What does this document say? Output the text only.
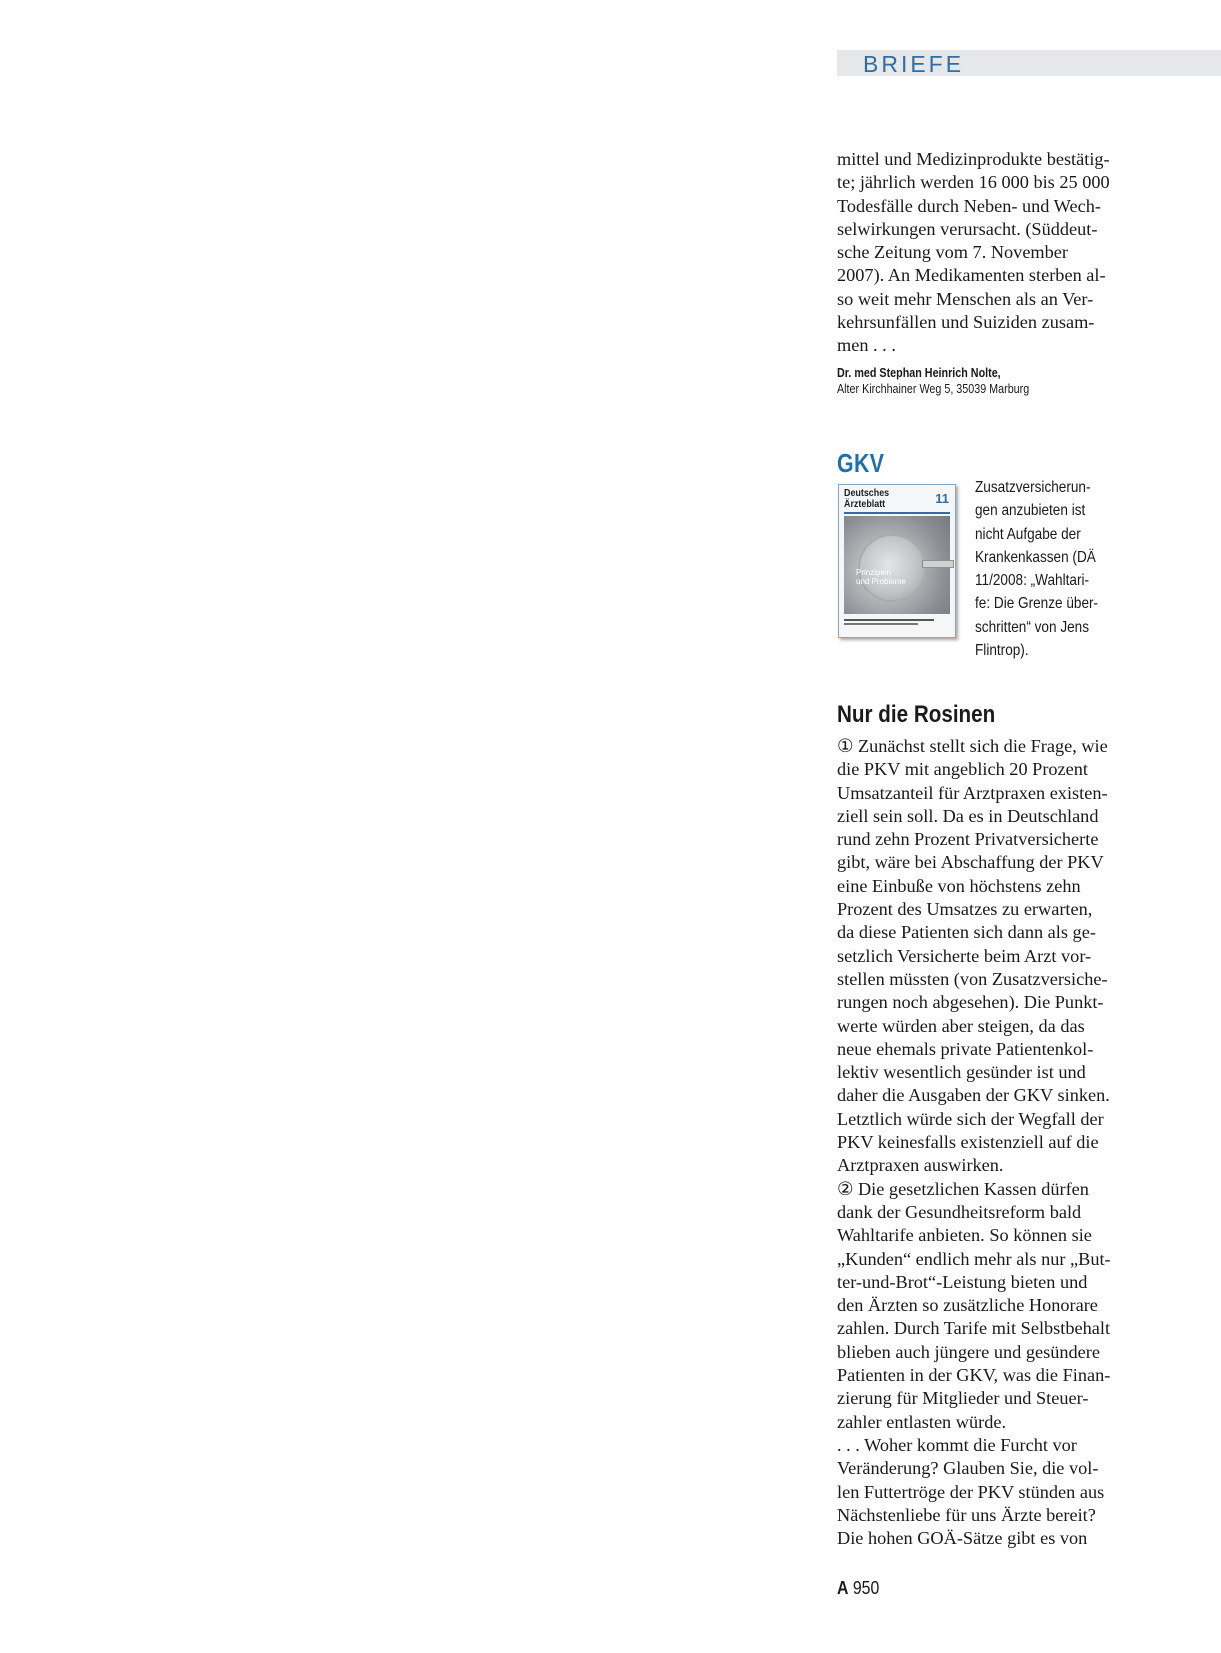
BRIEFE
mittel und Medizinprodukte bestätig-
te; jährlich werden 16 000 bis 25 000
Todesfälle durch Neben- und Wech-
selwirkungen verursacht. (Süddeut-
sche Zeitung vom 7. November
2007). An Medikamenten sterben al-
so weit mehr Menschen als an Ver-
kehrsunfällen und Suiziden zusam-
men . . .
Dr. med Stephan Heinrich Nolte,
Alter Kirchhainer Weg 5, 35039 Marburg
GKV
Deutsches
Ärzteblatt	11
Prinzipien
und Probleme
Zusatzversicherun-
gen anzubieten ist
nicht Aufgabe der
Krankenkassen (DÄ
11/2008: „Wahltari-
fe: Die Grenze über-
schritten“ von Jens
Flintrop).
Nur die Rosinen
① Zunächst stellt sich die Frage, wie
die PKV mit angeblich 20 Prozent
Umsatzanteil für Arztpraxen existen-
ziell sein soll. Da es in Deutschland
rund zehn Prozent Privatversicherte
gibt, wäre bei Abschaffung der PKV
eine Einbuße von höchstens zehn
Prozent des Umsatzes zu erwarten,
da diese Patienten sich dann als ge-
setzlich Versicherte beim Arzt vor-
stellen müssten (von Zusatzversiche-
rungen noch abgesehen). Die Punkt-
werte würden aber steigen, da das
neue ehemals private Patientenkol-
lektiv wesentlich gesünder ist und
daher die Ausgaben der GKV sinken.
Letztlich würde sich der Wegfall der
PKV keinesfalls existenziell auf die
Arztpraxen auswirken.
② Die gesetzlichen Kassen dürfen
dank der Gesundheitsreform bald
Wahltarife anbieten. So können sie
„Kunden“ endlich mehr als nur „But-
ter-und-Brot“-Leistung bieten und
den Ärzten so zusätzliche Honorare
zahlen. Durch Tarife mit Selbstbehalt
blieben auch jüngere und gesündere
Patienten in der GKV, was die Finan-
zierung für Mitglieder und Steuer-
zahler entlasten würde.
. . . Woher kommt die Furcht vor
Veränderung? Glauben Sie, die vol-
len Futtertröge der PKV stünden aus
Nächstenliebe für uns Ärzte bereit?
Die hohen GOÄ-Sätze gibt es von
A 950
